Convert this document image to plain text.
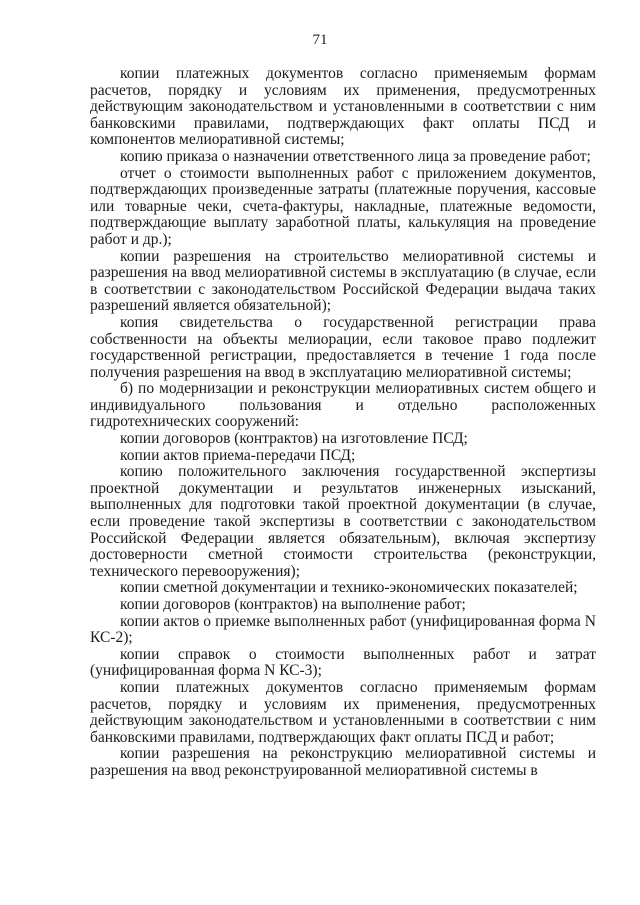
71

копии платежных документов согласно применяемым формам расчетов, порядку и условиям их применения, предусмотренных действующим законодательством и установленными в соответствии с ним банковскими правилами, подтверждающих факт оплаты ПСД и компонентов мелиоративной системы;

копию приказа о назначении ответственного лица за проведение работ;

отчет о стоимости выполненных работ с приложением документов, подтверждающих произведенные затраты (платежные поручения, кассовые или товарные чеки, счета-фактуры, накладные, платежные ведомости, подтверждающие выплату заработной платы, калькуляция на проведение работ и др.);

копии разрешения на строительство мелиоративной системы и разрешения на ввод мелиоративной системы в эксплуатацию (в случае, если в соответствии с законодательством Российской Федерации выдача таких разрешений является обязательной);

копия свидетельства о государственной регистрации права собственности на объекты мелиорации, если таковое право подлежит государственной регистрации, предоставляется в течение 1 года после получения разрешения на ввод в эксплуатацию мелиоративной системы;

б) по модернизации и реконструкции мелиоративных систем общего и индивидуального пользования и отдельно расположенных гидротехнических сооружений:

копии договоров (контрактов) на изготовление ПСД;

копии актов приема-передачи ПСД;

копию положительного заключения государственной экспертизы проектной документации и результатов инженерных изысканий, выполненных для подготовки такой проектной документации (в случае, если проведение такой экспертизы в соответствии с законодательством Российской Федерации является обязательным), включая экспертизу достоверности сметной стоимости строительства (реконструкции, технического перевооружения);

копии сметной документации и технико-экономических показателей;

копии договоров (контрактов) на выполнение работ;

копии актов о приемке выполненных работ (унифицированная форма N КС-2);

копии справок о стоимости выполненных работ и затрат (унифицированная форма N КС-3);

копии платежных документов согласно применяемым формам расчетов, порядку и условиям их применения, предусмотренных действующим законодательством и установленными в соответствии с ним банковскими правилами, подтверждающих факт оплаты ПСД и работ;

копии разрешения на реконструкцию мелиоративной системы и разрешения на ввод реконструированной мелиоративной системы в
